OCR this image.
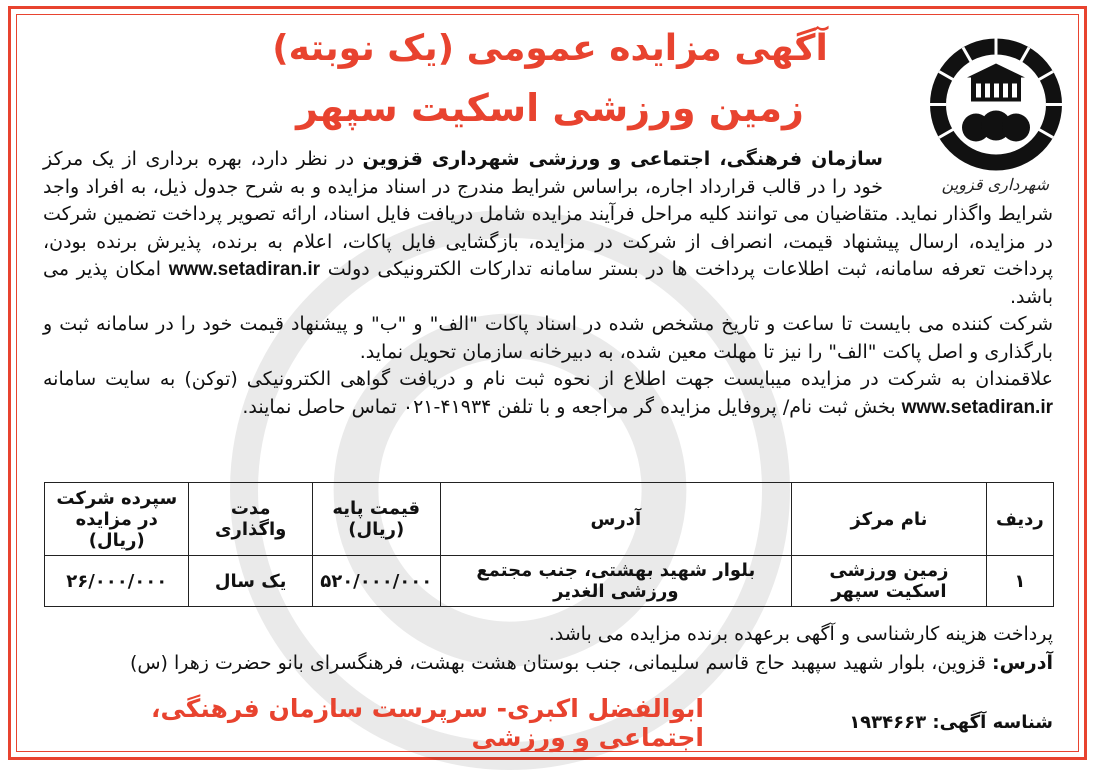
شهرداری قزوین
آگهی مزایده عمومی (یک نوبته)
زمین ورزشی اسکیت سپهر

سازمان فرهنگی، اجتماعی و ورزشی شهرداری قزوین در نظر دارد، بهره برداری از یک مرکز خود را در قالب قرارداد اجاره، براساس شرایط مندرج در اسناد مزایده و به شرح جدول ذیل، به افراد واجد شرایط واگذار نماید. متقاضیان می توانند کلیه مراحل فرآیند مزایده شامل دریافت فایل اسناد، ارائه تصویر پرداخت تضمین شرکت در مزایده، ارسال پیشنهاد قیمت، انصراف از شرکت در مزایده، بازگشایی فایل پاکات، اعلام به برنده، پذیرش برنده بودن، پرداخت تعرفه سامانه، ثبت اطلاعات پرداخت ها در بستر سامانه تدارکات الکترونیکی دولت www.setadiran.ir امکان پذیر می باشد.

شرکت کننده می بایست تا ساعت و تاریخ مشخص شده در اسناد پاکات "الف" و "ب" و پیشنهاد قیمت خود را در سامانه ثبت و بارگذاری و اصل پاکت "الف" را نیز تا مهلت معین شده، به دبیرخانه سازمان تحویل نماید.

علاقمندان به شرکت در مزایده میبایست جهت اطلاع از نحوه ثبت نام و دریافت گواهی الکترونیکی (توکن) به سایت سامانه www.setadiran.ir بخش ثبت نام/ پروفایل مزایده گر مراجعه و با تلفن ۴۱۹۳۴-۰۲۱ تماس حاصل نمایند.

ردیف	نام مرکز	آدرس	قیمت پایه (ریال)	مدت واگذاری	سپرده شرکت در مزایده (ریال)
۱	زمین ورزشی اسکیت سپهر	بلوار شهید بهشتی، جنب مجتمع ورزشی الغدیر	۵۲۰/۰۰۰/۰۰۰	یک سال	۲۶/۰۰۰/۰۰۰

پرداخت هزینه کارشناسی و آگهی برعهده برنده مزایده می باشد.

آدرس: قزوین، بلوار شهید سپهبد حاج قاسم سلیمانی، جنب بوستان هشت بهشت، فرهنگسرای بانو حضرت زهرا (س)

ابوالفضل اکبری- سرپرست سازمان فرهنگی، اجتماعی و ورزشی
شناسه آگهی: ۱۹۳۴۶۶۳
